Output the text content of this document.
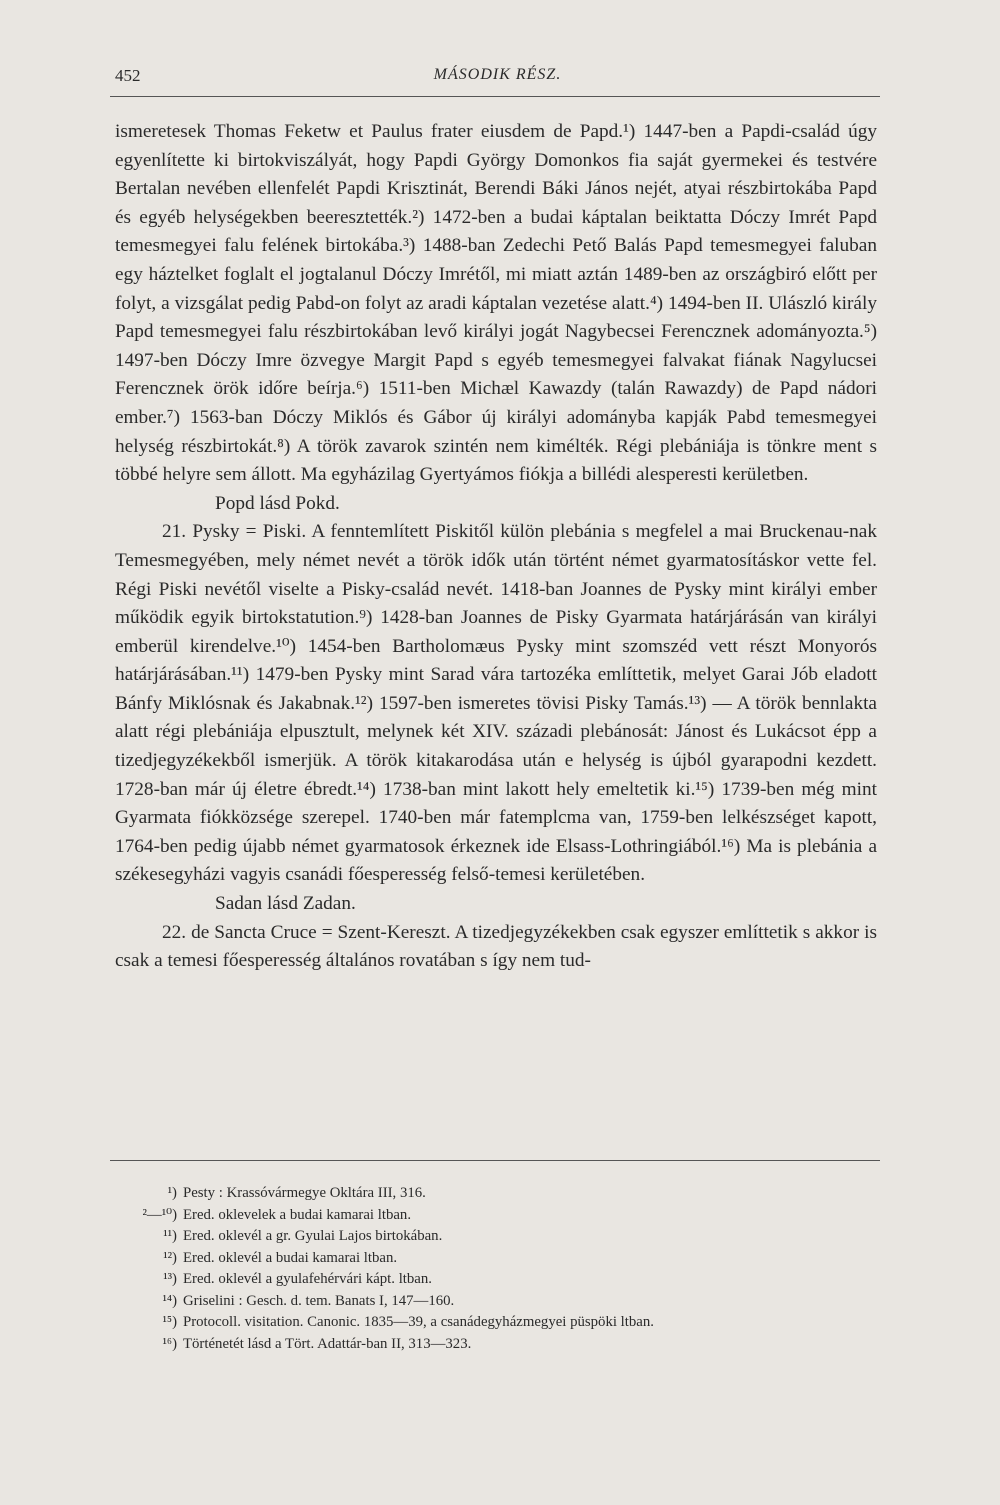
452	MÁSODIK RÉSZ.

ismeretesek Thomas Feketw et Paulus frater eiusdem de Papd.¹) 1447-ben a Papdi-család úgy egyenlítette ki birtokviszályát, hogy Papdi György Domonkos fia saját gyermekei és testvére Bertalan nevében ellenfelét Papdi Krisztinát, Berendi Báki János nejét, atyai részbirtokába Papd és egyéb helységekben beeresztették.²) 1472-ben a budai káptalan beiktatta Dóczy Imrét Papd temesmegyei falu felének birtokába.³) 1488-ban Zedechi Pető Balás Papd temesmegyei faluban egy háztelket foglalt el jogtalanul Dóczy Imrétől, mi miatt aztán 1489-ben az országbiró előtt per folyt, a vizsgálat pedig Pabd-on folyt az aradi káptalan vezetése alatt.⁴) 1494-ben II. Ulászló király Papd temesmegyei falu részbirtokában levő királyi jogát Nagybecsei Ferencznek adományozta.⁵) 1497-ben Dóczy Imre özvegye Margit Papd s egyéb temesmegyei falvakat fiának Nagylucsei Ferencznek örök időre beírja.⁶) 1511-ben Michæl Kawazdy (talán Rawazdy) de Papd nádori ember.⁷) 1563-ban Dóczy Miklós és Gábor új királyi adományba kapják Pabd temesmegyei helység részbirtokát.⁸) A török zavarok szintén nem kimélték. Régi plebániája is tönkre ment s többé helyre sem állott. Ma egyházilag Gyertyámos fiókja a billédi alesperesti kerületben.

Popd lásd Pokd.

21. Pysky = Piski. A fenntemlített Piskitől külön plebánia s megfelel a mai Bruckenau-nak Temesmegyében, mely német nevét a török idők után történt német gyarmatosításkor vette fel. Régi Piski nevétől viselte a Pisky-család nevét. 1418-ban Joannes de Pysky mint királyi ember működik egyik birtokstatution.⁹) 1428-ban Joannes de Pisky Gyarmata határjárásán van királyi emberül kirendelve.¹⁰) 1454-ben Bartholomæus Pysky mint szomszéd vett részt Monyorós határjárásában.¹¹) 1479-ben Pysky mint Sarad vára tartozéka említtetik, melyet Garai Jób eladott Bánfy Miklósnak és Jakabnak.¹²) 1597-ben ismeretes tövisi Pisky Tamás.¹³) — A török bennlakta alatt régi plebániája elpusztult, melynek két XIV. századi plebánosát: Jánost és Lukácsot épp a tizedjegyzékekből ismerjük. A török kitakarodása után e helység is újból gyarapodni kezdett. 1728-ban már új életre ébredt.¹⁴) 1738-ban mint lakott hely emeltetik ki.¹⁵) 1739-ben még mint Gyarmata fiókközsége szerepel. 1740-ben már fatemplcma van, 1759-ben lelkészséget kapott, 1764-ben pedig újabb német gyarmatosok érkeznek ide Elsass-Lothringiából.¹⁶) Ma is plebánia a székesegyházi vagyis csanádi főesperesség felső-temesi kerületében.

Sadan lásd Zadan.

22. de Sancta Cruce = Szent-Kereszt. A tizedjegyzékekben csak egyszer említtetik s akkor is csak a temesi főesperesség általános rovatában s így nem tud-

¹) Pesty : Krassóvármegye Okltára III, 316.
²—¹⁰) Ered. oklevelek a budai kamarai ltban.
¹¹) Ered. oklevél a gr. Gyulai Lajos birtokában.
¹²) Ered. oklevél a budai kamarai ltban.
¹³) Ered. oklevél a gyulafehérvári kápt. ltban.
¹⁴) Griselini : Gesch. d. tem. Banats I, 147—160.
¹⁵) Protocoll. visitation. Canonic. 1835—39, a csanádegyházmegyei püspöki ltban.
¹⁶) Történetét lásd a Tört. Adattár-ban II, 313—323.
